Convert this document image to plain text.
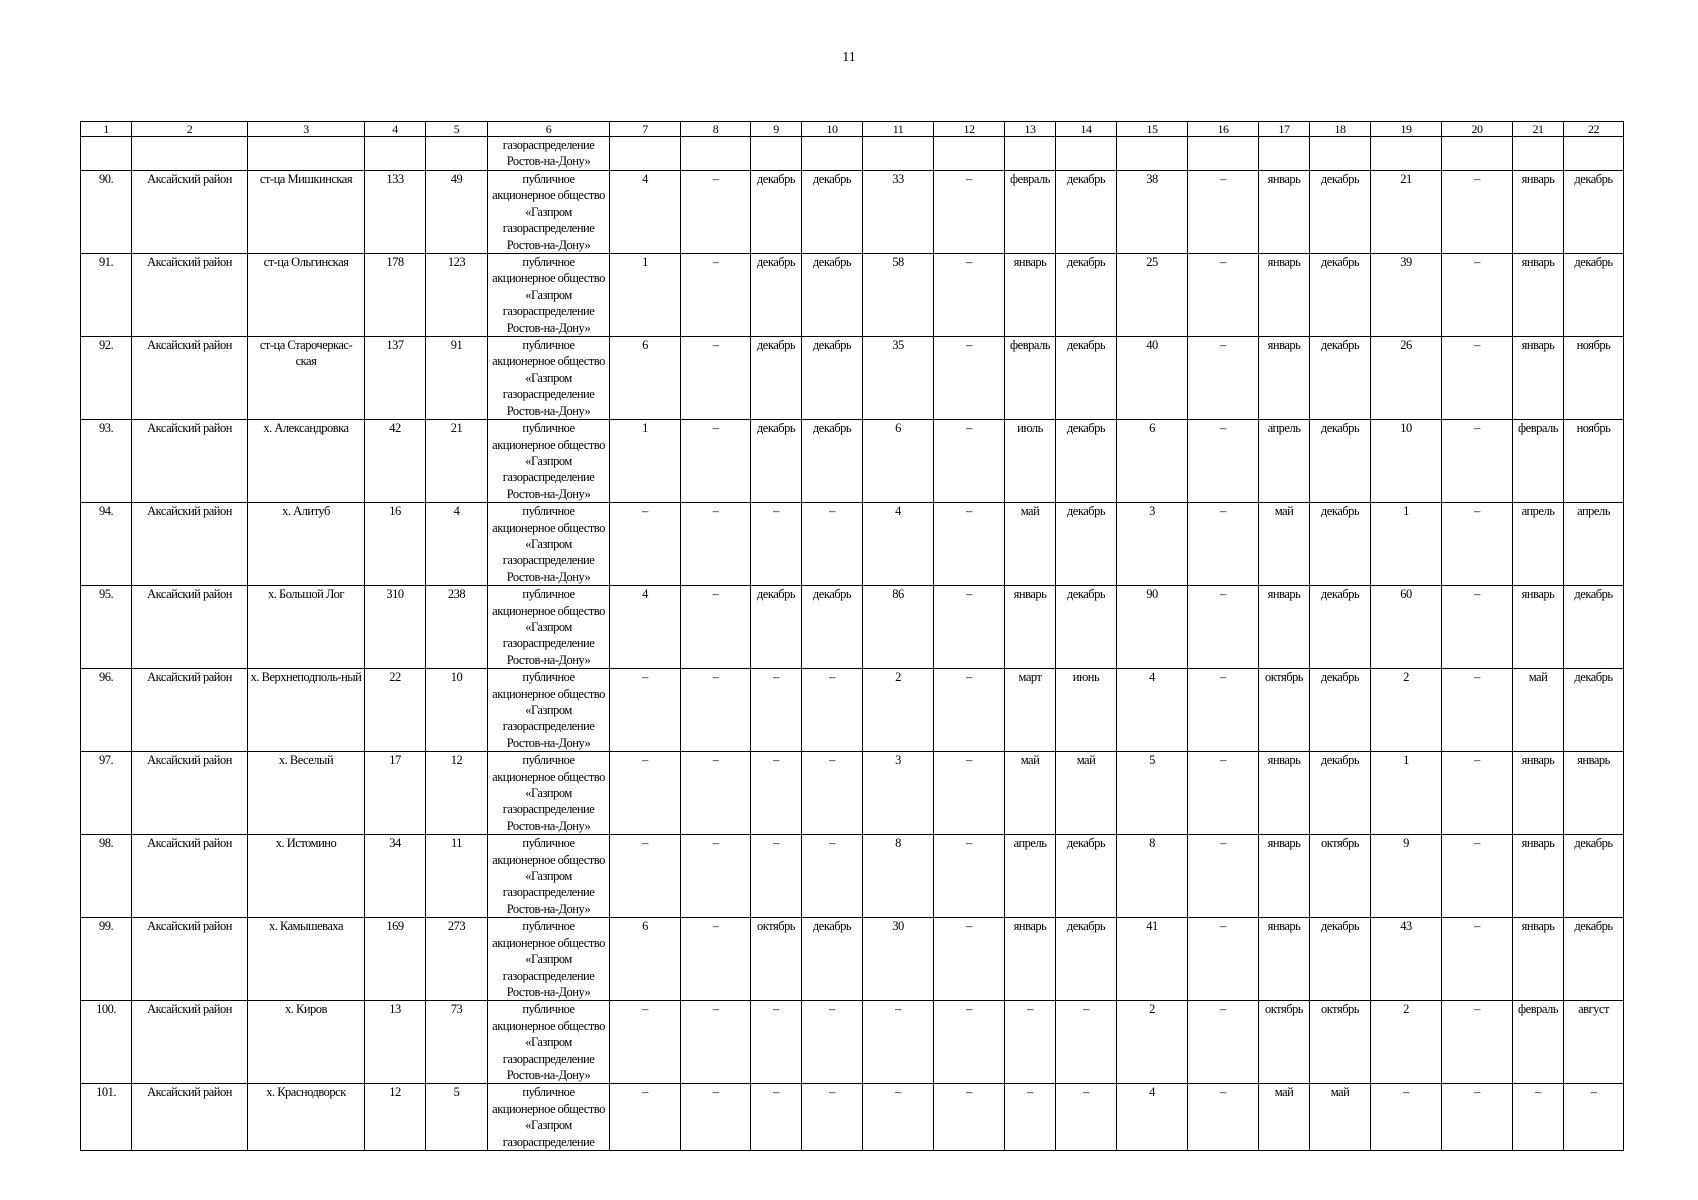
11
1	2	3	4	5	6	7	8	9	10	11	12	13	14	15	16	17	18	19	20	21	22
					газораспределение Ростов-на-Дону»																
90.	Аксайский район	ст-ца Мишкинская	133	49	публичное акционерное общество «Газпром газораспределение Ростов-на-Дону»	4	–	декабрь	декабрь	33	–	февраль	декабрь	38	–	январь	декабрь	21	–	январь	декабрь
91.	Аксайский район	ст-ца Ольгинская	178	123	публичное акционерное общество «Газпром газораспределение Ростов-на-Дону»	1	–	декабрь	декабрь	58	–	январь	декабрь	25	–	январь	декабрь	39	–	январь	декабрь
92.	Аксайский район	ст-ца Старочеркас-ская	137	91	публичное акционерное общество «Газпром газораспределение Ростов-на-Дону»	6	–	декабрь	декабрь	35	–	февраль	декабрь	40	–	январь	декабрь	26	–	январь	ноябрь
93.	Аксайский район	х. Александровка	42	21	публичное акционерное общество «Газпром газораспределение Ростов-на-Дону»	1	–	декабрь	декабрь	6	–	июль	декабрь	6	–	апрель	декабрь	10	–	февраль	ноябрь
94.	Аксайский район	х. Алитуб	16	4	публичное акционерное общество «Газпром газораспределение Ростов-на-Дону»	–	–	–	–	4	–	май	декабрь	3	–	май	декабрь	1	–	апрель	апрель
95.	Аксайский район	х. Большой Лог	310	238	публичное акционерное общество «Газпром газораспределение Ростов-на-Дону»	4	–	декабрь	декабрь	86	–	январь	декабрь	90	–	январь	декабрь	60	–	январь	декабрь
96.	Аксайский район	х. Верхнеподполь-ный	22	10	публичное акционерное общество «Газпром газораспределение Ростов-на-Дону»	–	–	–	–	2	–	март	июнь	4	–	октябрь	декабрь	2	–	май	декабрь
97.	Аксайский район	х. Веселый	17	12	публичное акционерное общество «Газпром газораспределение Ростов-на-Дону»	–	–	–	–	3	–	май	май	5	–	январь	декабрь	1	–	январь	январь
98.	Аксайский район	х. Истомино	34	11	публичное акционерное общество «Газпром газораспределение Ростов-на-Дону»	–	–	–	–	8	–	апрель	декабрь	8	–	январь	октябрь	9	–	январь	декабрь
99.	Аксайский район	х. Камышеваха	169	273	публичное акционерное общество «Газпром газораспределение Ростов-на-Дону»	6	–	октябрь	декабрь	30	–	январь	декабрь	41	–	январь	декабрь	43	–	январь	декабрь
100.	Аксайский район	х. Киров	13	73	публичное акционерное общество «Газпром газораспределение Ростов-на-Дону»	–	–	–	–	–	–	–	–	2	–	октябрь	октябрь	2	–	февраль	август
101.	Аксайский район	х. Краснодворск	12	5	публичное акционерное общество «Газпром газораспределение	–	–	–	–	–	–	–	–	4	–	май	май	–	–	–	–
